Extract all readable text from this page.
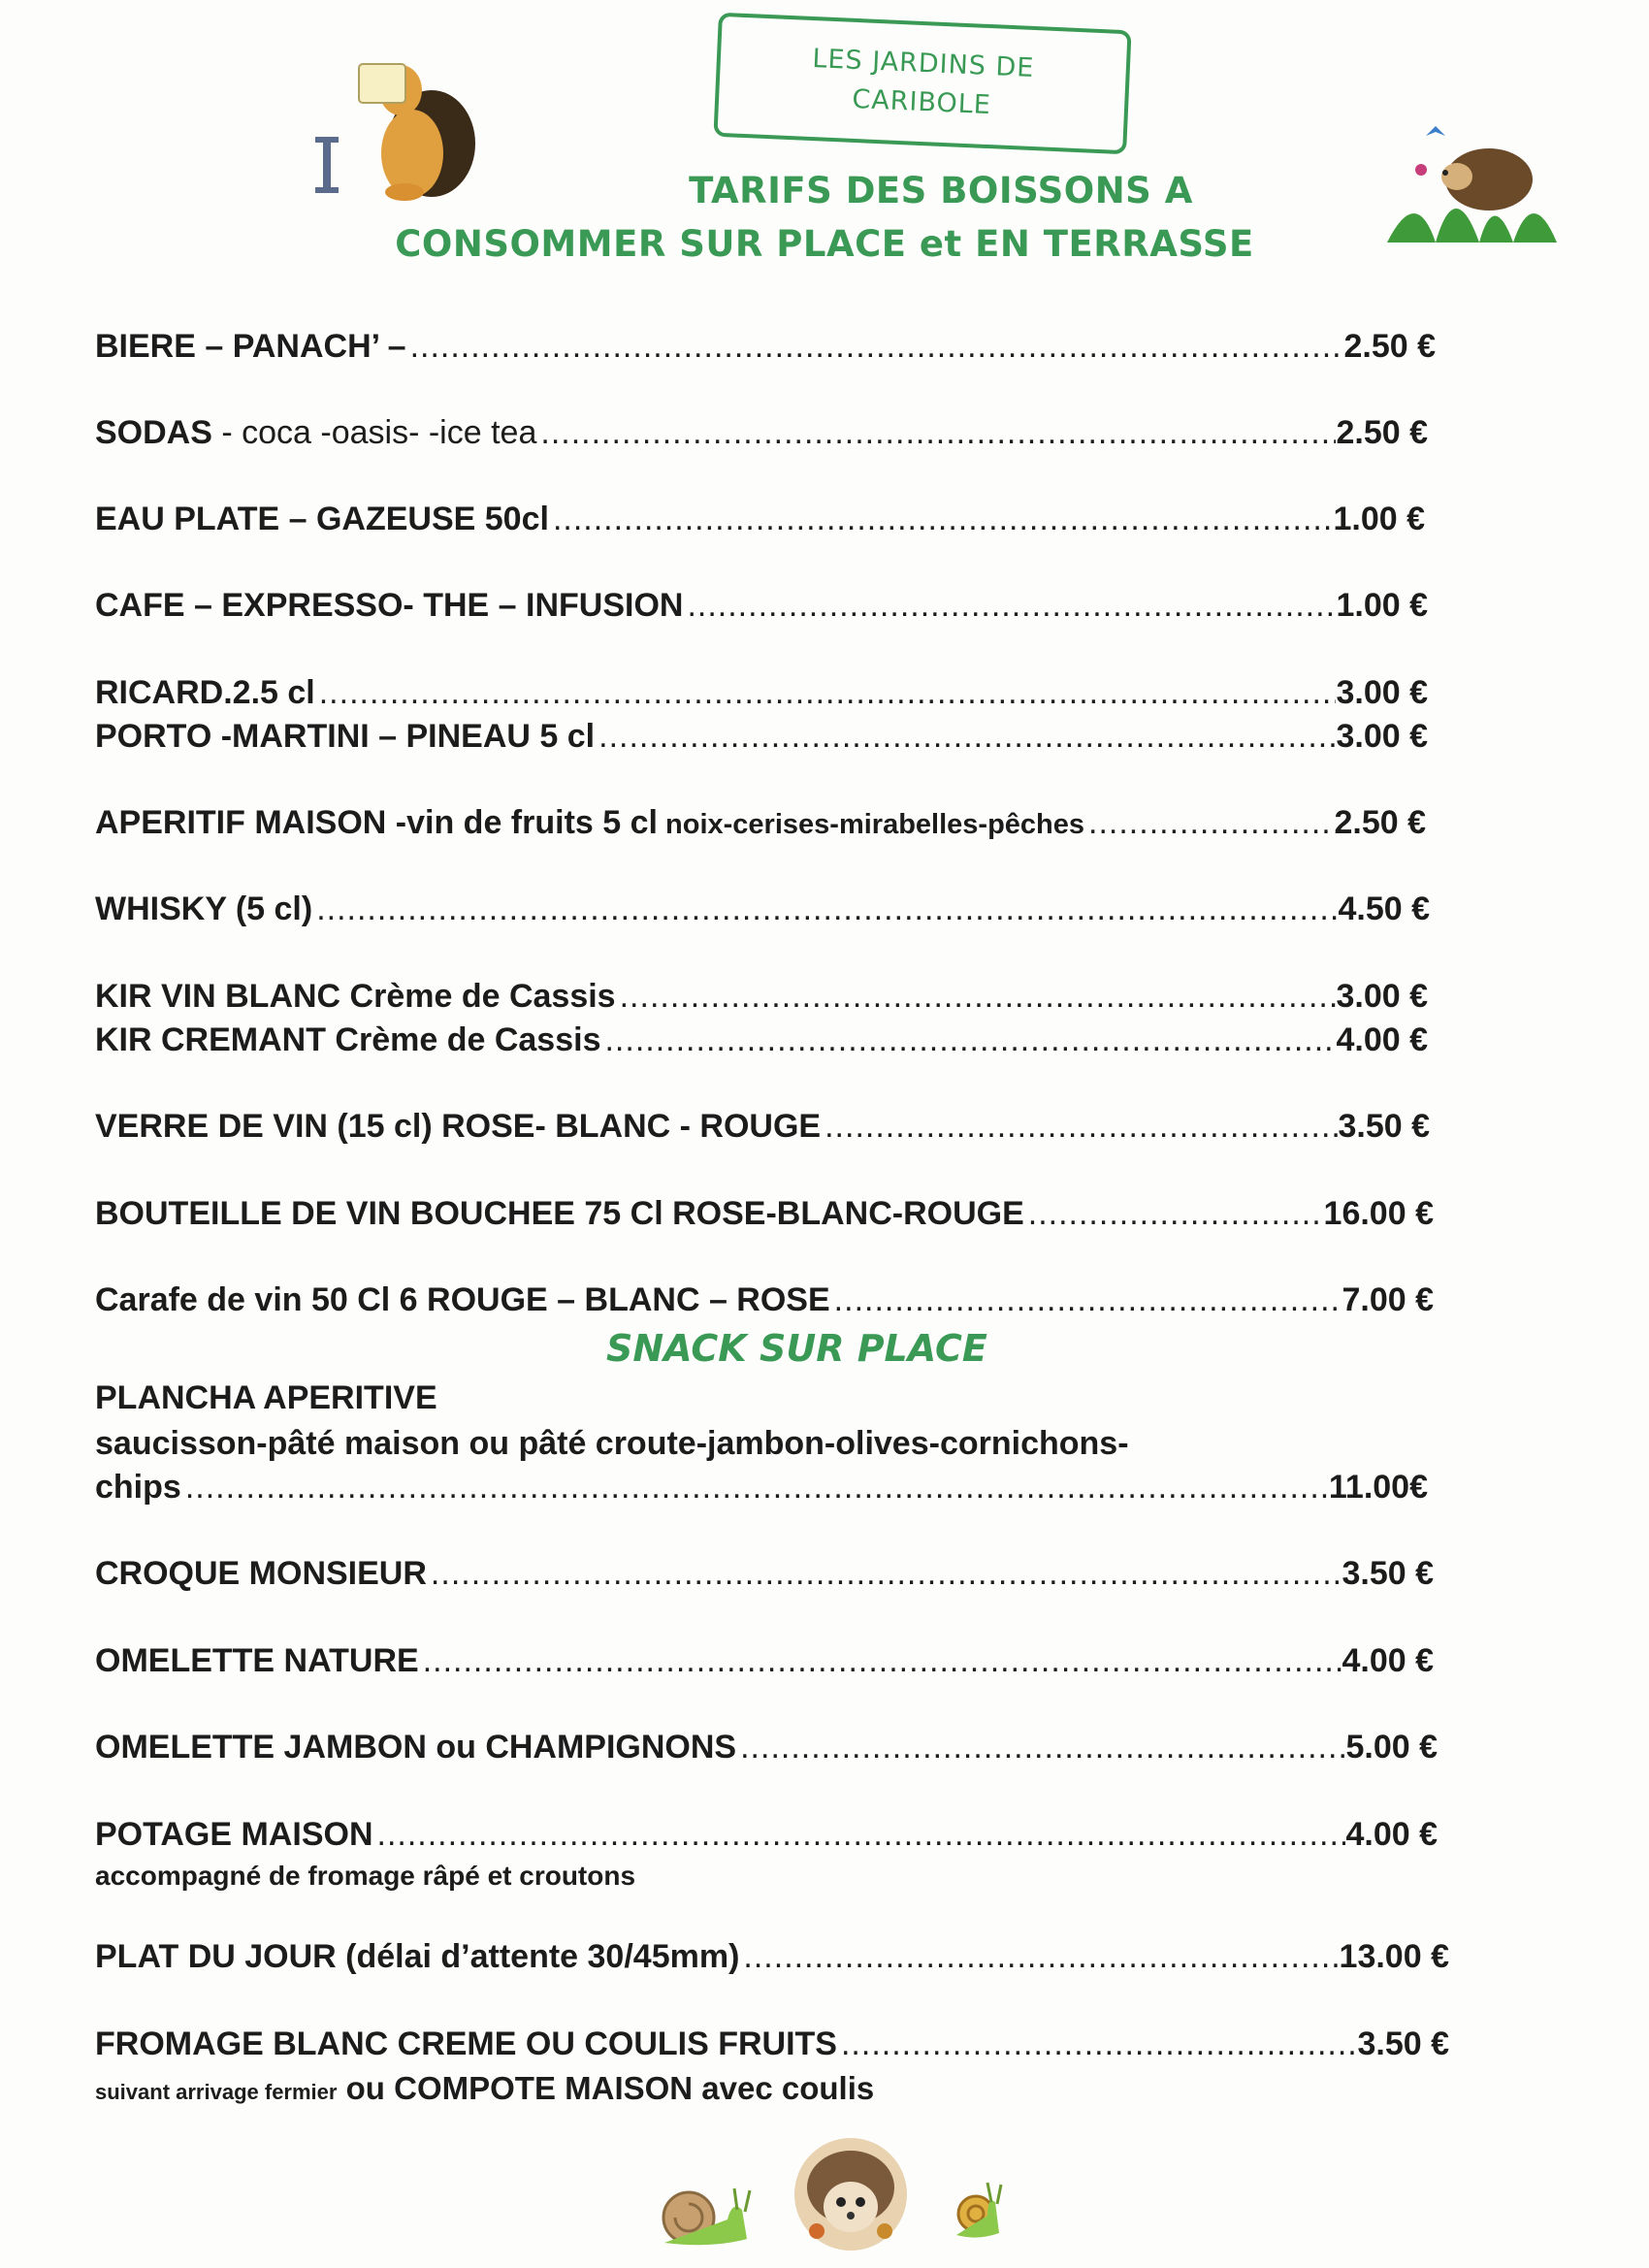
LES JARDINS DE
CARIBOLE
TARIFS DES BOISSONS A
CONSOMMER SUR PLACE et EN TERRASSE
BIERE – PANACH’ – .....	2.50 €
SODAS - coca -oasis- -ice tea .....	2.50 €
EAU PLATE – GAZEUSE 50cl .....	1.00 €
CAFE – EXPRESSO- THE – INFUSION .....	1.00 €
RICARD.2.5 cl .....	3.00 €
PORTO -MARTINI – PINEAU 5 cl .....	3.00 €
APERITIF MAISON -vin de fruits 5 cl noix-cerises-mirabelles-pêches .....	2.50 €
WHISKY (5 cl) .....	4.50 €
KIR VIN BLANC Crème de Cassis .....	3.00 €
KIR CREMANT Crème de Cassis .....	4.00 €
VERRE DE VIN (15 cl) ROSE- BLANC - ROUGE .....	3.50 €
BOUTEILLE DE VIN BOUCHEE 75 Cl ROSE-BLANC-ROUGE .....	16.00 €
Carafe de vin 50 Cl 6 ROUGE – BLANC – ROSE .....	7.00 €
SNACK SUR PLACE
PLANCHA APERITIVE
saucisson-pâté maison ou pâté croute-jambon-olives-cornichons-
chips .....	11.00€
CROQUE MONSIEUR .....	3.50 €
OMELETTE NATURE .....	4.00 €
OMELETTE JAMBON ou CHAMPIGNONS .....	5.00 €
POTAGE MAISON .....	4.00 €
accompagné de fromage râpé et croutons
PLAT DU JOUR (délai d’attente 30/45mm) .....	13.00 €
FROMAGE BLANC CREME OU COULIS FRUITS .....	3.50 €
suivant arrivage fermier ou COMPOTE MAISON avec coulis
